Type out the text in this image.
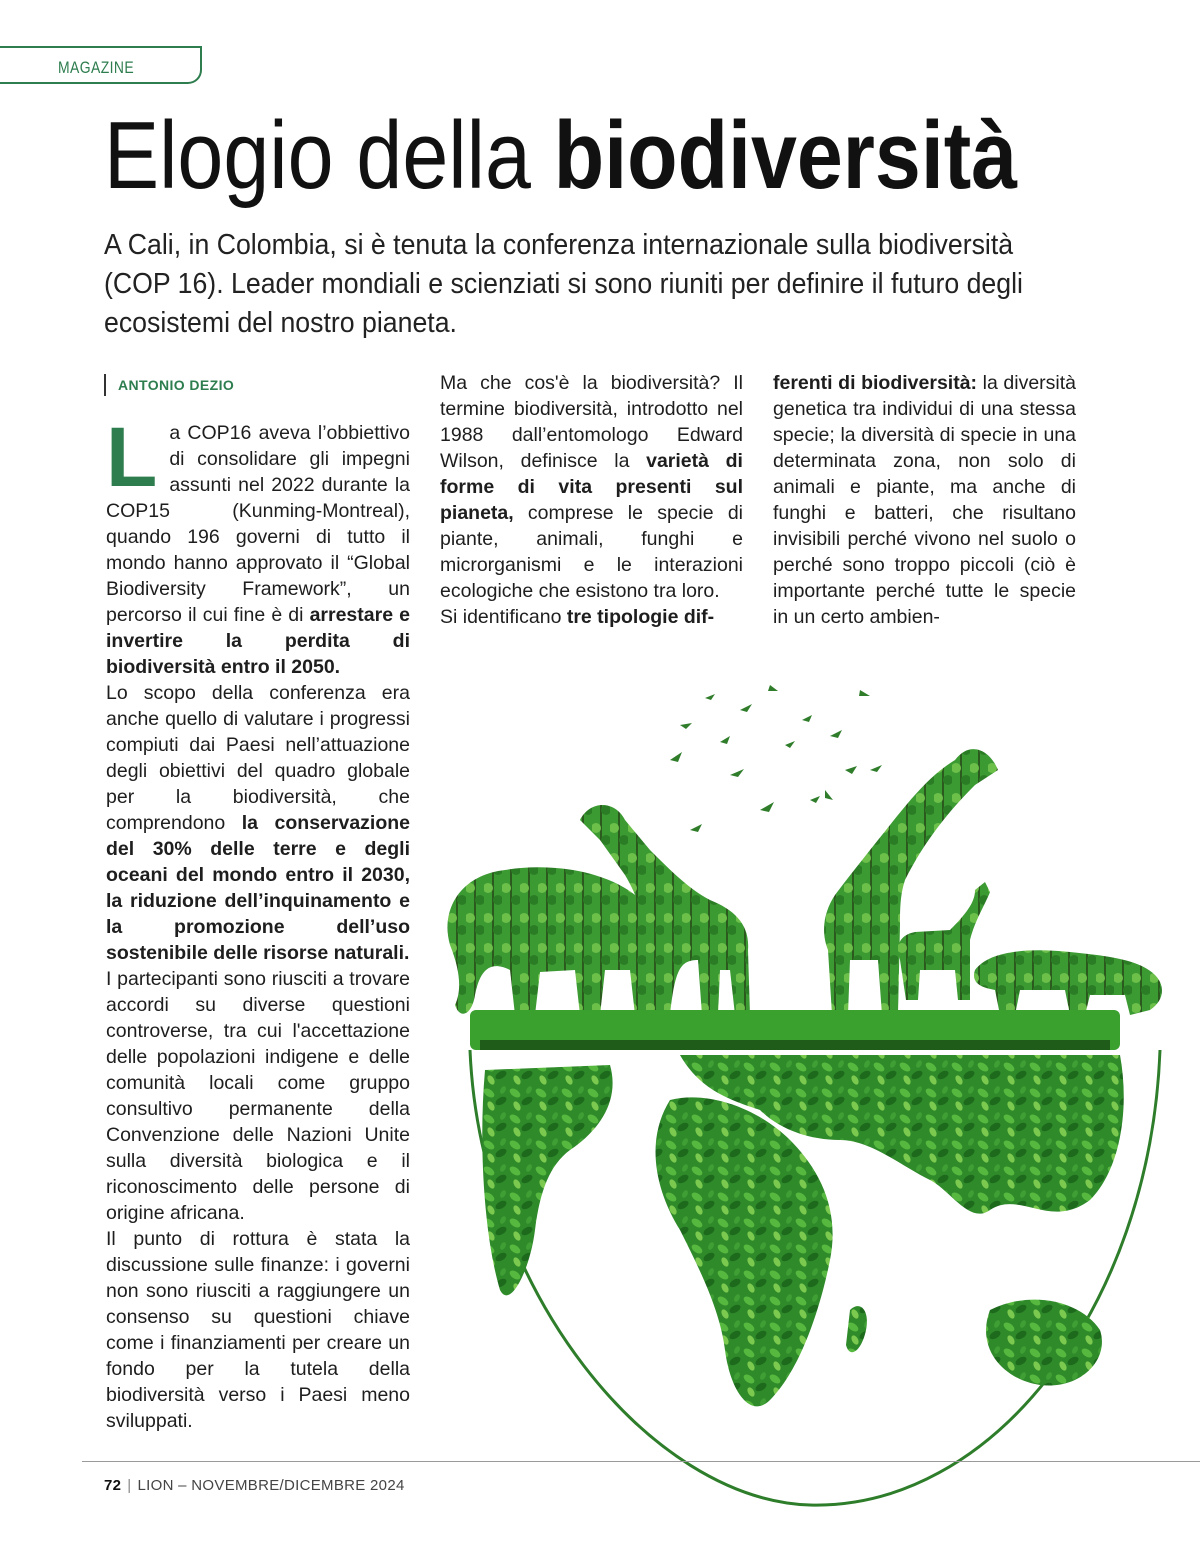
MAGAZINE
Elogio della biodiversità
A Cali, in Colombia, si è tenuta la conferenza internazionale sulla biodiversità (COP 16). Leader mondiali e scienziati si sono riuniti per definire il futuro degli ecosistemi del nostro pianeta.
ANTONIO DEZIO

La COP16 aveva l’obbiettivo di consolidare gli impegni assunti nel 2022 durante la COP15 (Kunming-Montreal), quando 196 governi di tutto il mondo hanno approvato il “Global Biodiversity Framework”, un percorso il cui fine è di arrestare e invertire la perdita di biodiversità entro il 2050.

Lo scopo della conferenza era anche quello di valutare i progressi compiuti dai Paesi nell’attuazione degli obiettivi del quadro globale per la biodiversità, che comprendono la conservazione del 30% delle terre e degli oceani del mondo entro il 2030, la riduzione dell’inquinamento e la promozione dell’uso sostenibile delle risorse naturali.

I partecipanti sono riusciti a trovare accordi su diverse questioni controverse, tra cui l'accettazione delle popolazioni indigene e delle comunità locali come gruppo consultivo permanente della Convenzione delle Nazioni Unite sulla diversità biologica e il riconoscimento delle persone di origine africana.

Il punto di rottura è stata la discussione sulle finanze: i governi non sono riusciti a raggiungere un consenso su questioni chiave come i finanziamenti per creare un fondo per la tutela della biodiversità verso i Paesi meno sviluppati.

Ma che cos'è la biodiversità? Il termine biodiversità, introdotto nel 1988 dall’entomologo Edward Wilson, definisce la varietà di forme di vita presenti sul pianeta, comprese le specie di piante, animali, funghi e microrganismi e le interazioni ecologiche che esistono tra loro.

Si identificano tre tipologie dif-

ferenti di biodiversità: la diversità genetica tra individui di una stessa specie; la diversità di specie in una determinata zona, non solo di animali e piante, ma anche di funghi e batteri, che risultano invisibili perché vivono nel suolo o perché sono troppo piccoli (ciò è importante perché tutte le specie in un certo ambien-

72 | LION – NOVEMBRE/DICEMBRE 2024
